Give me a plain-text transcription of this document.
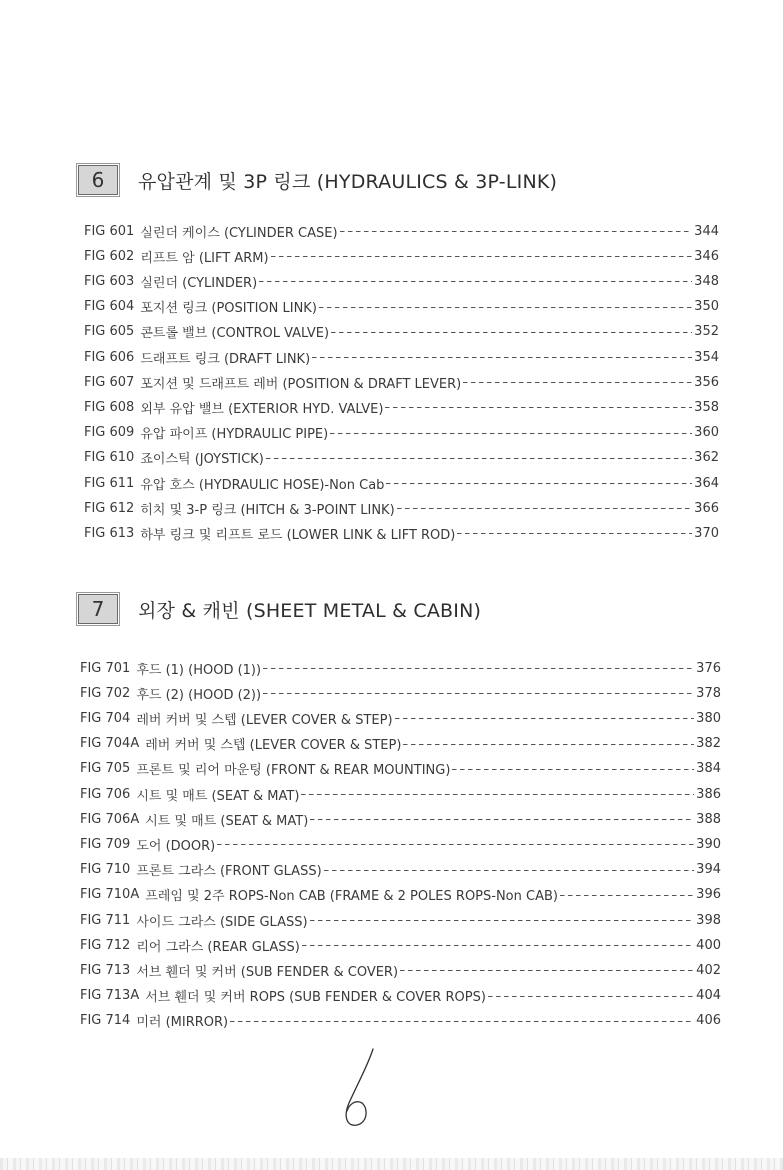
6	유압관계 및 3P 링크 (HYDRAULICS & 3P-LINK)
FIG 601 실린더 케이스 (CYLINDER CASE)	344
FIG 602 리프트 암 (LIFT ARM)	346
FIG 603 실린더 (CYLINDER)	348
FIG 604 포지션 링크 (POSITION LINK)	350
FIG 605 콘트롤 밸브 (CONTROL VALVE)	352
FIG 606 드래프트 링크 (DRAFT LINK)	354
FIG 607 포지션 및 드래프트 레버 (POSITION & DRAFT LEVER)	356
FIG 608 외부 유압 밸브 (EXTERIOR HYD. VALVE)	358
FIG 609 유압 파이프 (HYDRAULIC PIPE)	360
FIG 610 죠이스틱 (JOYSTICK)	362
FIG 611 유압 호스 (HYDRAULIC HOSE)-Non Cab	364
FIG 612 히치 및 3-P 링크 (HITCH & 3-POINT LINK)	366
FIG 613 하부 링크 및 리프트 로드 (LOWER LINK & LIFT ROD)	370
7	외장 & 캐빈 (SHEET METAL & CABIN)
FIG 701 후드 (1) (HOOD (1))	376
FIG 702 후드 (2) (HOOD (2))	378
FIG 704 레버 커버 및 스텝 (LEVER COVER & STEP)	380
FIG 704A 레버 커버 및 스텝 (LEVER COVER & STEP)	382
FIG 705 프론트 및 리어 마운팅 (FRONT & REAR MOUNTING)	384
FIG 706 시트 및 매트 (SEAT & MAT)	386
FIG 706A 시트 및 매트 (SEAT & MAT)	388
FIG 709 도어 (DOOR)	390
FIG 710 프론트 그라스 (FRONT GLASS)	394
FIG 710A 프레임 및 2주 ROPS-Non CAB (FRAME & 2 POLES ROPS-Non CAB)	396
FIG 711 사이드 그라스 (SIDE GLASS)	398
FIG 712 리어 그라스 (REAR GLASS)	400
FIG 713 서브 휀더 및 커버 (SUB FENDER & COVER)	402
FIG 713A 서브 휀더 및 커버 ROPS (SUB FENDER & COVER ROPS)	404
FIG 714 미러 (MIRROR)	406
